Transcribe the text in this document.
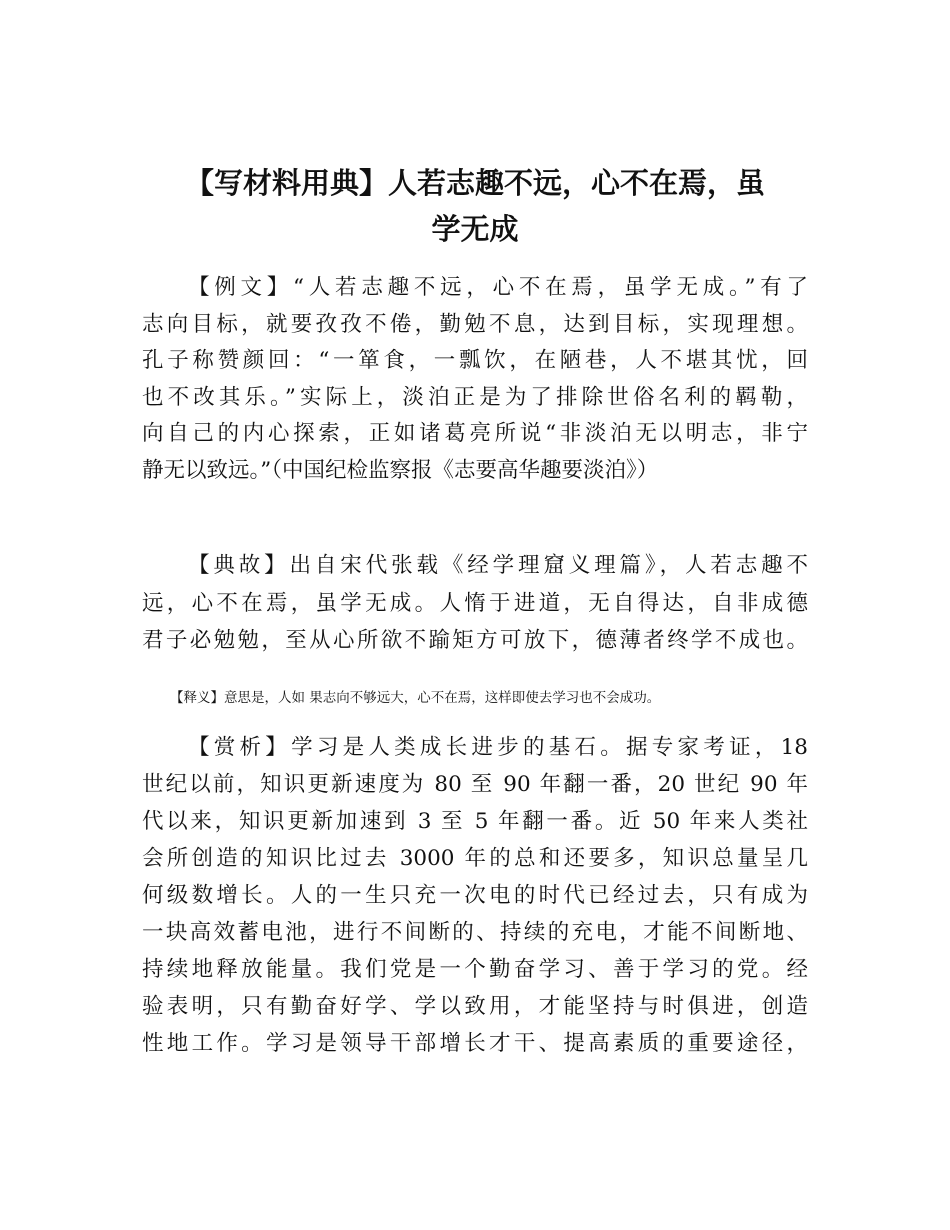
【写材料用典】人若志趣不远，心不在焉，虽
学无成
【例文】“人若志趣不远，心不在焉，虽学无成。”有了
志向目标，就要孜孜不倦，勤勉不息，达到目标，实现理想。
孔子称赞颜回：“一箪食，一瓢饮，在陋巷，人不堪其忧，回
也不改其乐。”实际上，淡泊正是为了排除世俗名利的羁勒，
向自己的内心探索，正如诸葛亮所说“非淡泊无以明志，非宁
静无以致远。”（中国纪检监察报《志要高华趣要淡泊》）
【典故】出自宋代张载《经学理窟义理篇》，人若志趣不
远，心不在焉，虽学无成。人惰于进道，无自得达，自非成德
君子必勉勉，至从心所欲不踰矩方可放下，德薄者终学不成也。
【赏析】学习是人类成长进步的基石。据专家考证，18
世纪以前，知识更新速度为 80 至 90 年翻一番，20 世纪 90 年
代以来，知识更新加速到 3 至 5 年翻一番。近 50 年来人类社
会所创造的知识比过去 3000 年的总和还要多，知识总量呈几
何级数增长。人的一生只充一次电的时代已经过去，只有成为
一块高效蓄电池，进行不间断的、持续的充电，才能不间断地、
持续地释放能量。我们党是一个勤奋学习、善于学习的党。经
验表明，只有勤奋好学、学以致用，才能坚持与时俱进，创造
性地工作。学习是领导干部增长才干、提高素质的重要途径，
【释义】意思是，人如 果志向不够远大，心不在焉，这样即使去学习也不会成功。
